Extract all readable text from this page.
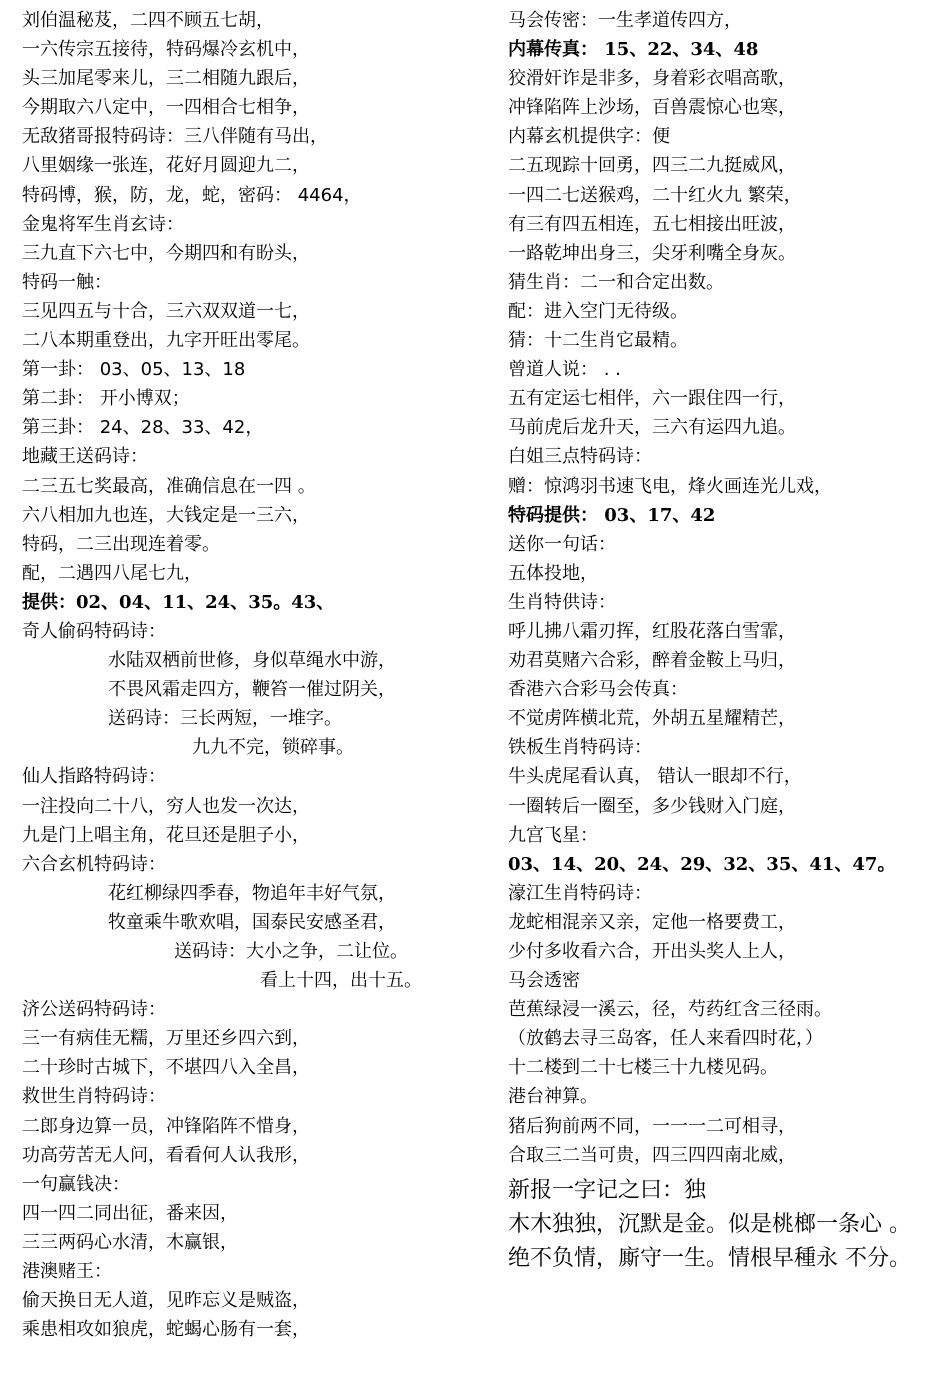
刘伯温秘芨，二四不顾五七胡，
一六传宗五接待，特码爆冷玄机中，
头三加尾零来儿，三二相随九跟后，
今期取六八定中，一四相合七相争，
无敌猪哥报特码诗：三八伴随有马出，
八里姻缘一张连，花好月圆迎九二，
特码博，猴，防，龙，蛇，密码： 4464，
金鬼将军生肖玄诗：
三九直下六七中，今期四和有盼头，
特码一触：
三见四五与十合，三六双双道一七，
二八本期重登出，九字开旺出零尾。
第一卦： 03、05、13、18
第二卦： 开小博双；
第三卦： 24、28、33、42，
地藏王送码诗：
二三五七奖最高，准确信息在一四 。
六八相加九也连，大钱定是一三六，
特码，二三出现连着零。
配，二遇四八尾七九，
提供：02、04、11、24、35。43、
奇人偷码特码诗：
水陆双栖前世修，身似草绳水中游，
不畏风霜走四方，鞭笞一催过阴关，
送码诗：三长两短，一堆字。
九九不完，锁碎事。
仙人指路特码诗：
一注投向二十八，穷人也发一次达，
九是门上唱主角，花旦还是胆子小，
六合玄机特码诗：
花红柳绿四季春，物追年丰好气氛，
牧童乘牛歌欢唱，国泰民安感圣君，
送码诗：大小之争，二让位。
看上十四，出十五。
济公送码特码诗：
三一有病佳无糯，万里还乡四六到，
二十珍时古城下，不堪四八入全昌，
救世生肖特码诗：
二郎身边算一员，冲锋陷阵不惜身，
功高劳苦无人问，看看何人认我形，
一句赢钱决：
四一四二同出征，番来因，
三三两码心水清，木赢银，
港澳赌王：
偷天换日无人道，见昨忘义是贼盗，
乘患相攻如狼虎，蛇蝎心肠有一套，
马会传密：一生孝道传四方，
内幕传真： 15、22、34、48
狡滑奸诈是非多，身着彩衣唱高歌，
冲锋陷阵上沙场，百兽震惊心也寒，
内幕玄机提供字：便
二五现踪十回勇，四三二九挺威风，
一四二七送猴鸡，二十红火九 繁荣，
有三有四五相连，五七相接出旺波，
一路乾坤出身三，尖牙利嘴全身灰。
猜生肖：二一和合定出数。
配：进入空门无待级。
猜：十二生肖它最精。
曾道人说： . .
五有定运七相伴，六一跟住四一行，
马前虎后龙升天，三六有运四九追。
白姐三点特码诗：
赠：惊鸿羽书速飞电，烽火画连光儿戏，
特码提供： 03、17、42
送你一句话：
五体投地，
生肖特供诗：
呼儿拂八霜刃挥，红股花落白雪霏，
劝君莫赌六合彩，醉着金鞍上马归，
香港六合彩马会传真：
不觉虏阵横北荒，外胡五星耀精芒，
铁板生肖特码诗：
牛头虎尾看认真， 错认一眼却不行，
一圈转后一圈至，多少钱财入门庭，
九宫飞星：
03、14、20、24、29、32、35、41、47。
濠江生肖特码诗：
龙蛇相混亲又亲，定他一格要费工，
少付多收看六合，开出头奖人上人，
马会透密
芭蕉绿浸一溪云，径，芍药红含三径雨。
（放鹤去寻三岛客，任人来看四时花，）
十二楼到二十七楼三十九楼见码。
港台神算。
猪后狗前两不同，一一一二可相寻，
合取三二当可贵，四三四四南北威，
新报一字记之曰：独
木木独独，沉默是金。似是桃榔一条心 。
绝不负情，廝守一生。情根早種永 不分。
